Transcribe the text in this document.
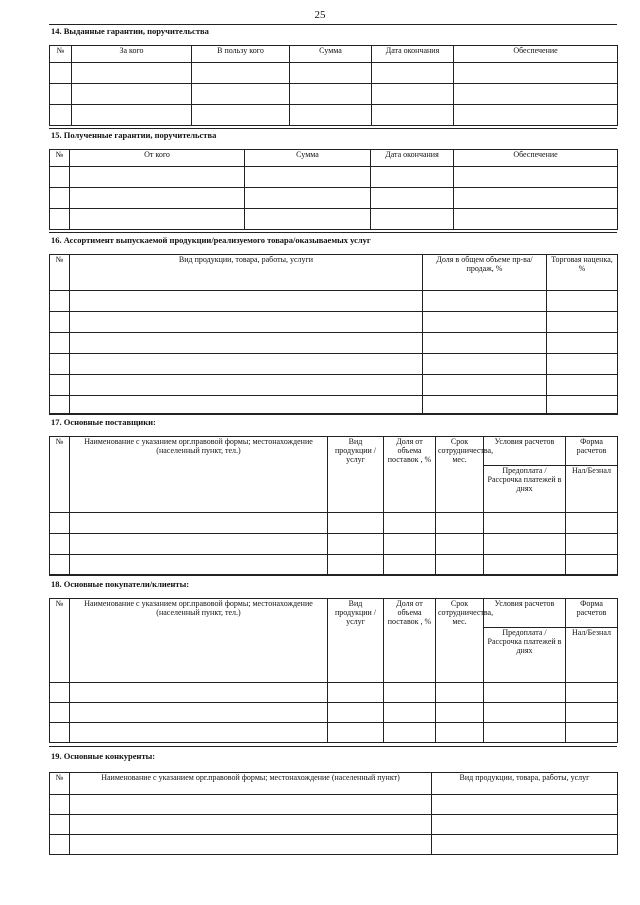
25
14. Выданные гарантии, поручительства
№	За кого	В пользу кого	Сумма	Дата окончания	Обеспечение

15. Полученные гарантии, поручительства
№	От кого	Сумма	Дата окончания	Обеспечение

16. Ассортимент выпускаемой продукции/реализуемого товара/оказываемых услуг
№	Вид продукции, товара, работы, услуги	Доля в общем объеме пр-ва/продаж, %	Торговая наценка, %

17. Основные поставщики:
№	Наименование с указанием орг.правовой формы; местонахождение (населенный пункт, тел.)	Вид продукции /услуг	Доля от объема поставок , %	Срок сотрудничества, мес.	Условия расчетов	Форма расчетов
					Предоплата / Рассрочка платежей в днях	Нал/Безнал

18. Основные покупатели/клиенты:
№	Наименование с указанием орг.правовой формы; местонахождение (населенный пункт, тел.)	Вид продукции /услуг	Доля от объема поставок , %	Срок сотрудничества, мес.	Условия расчетов	Форма расчетов
					Предоплата / Рассрочка платежей в днях	Нал/Безнал

19. Основные конкуренты:
№	Наименование с указанием орг.правовой формы; местонахождение (населенный пункт)	Вид продукции, товара, работы, услуг
